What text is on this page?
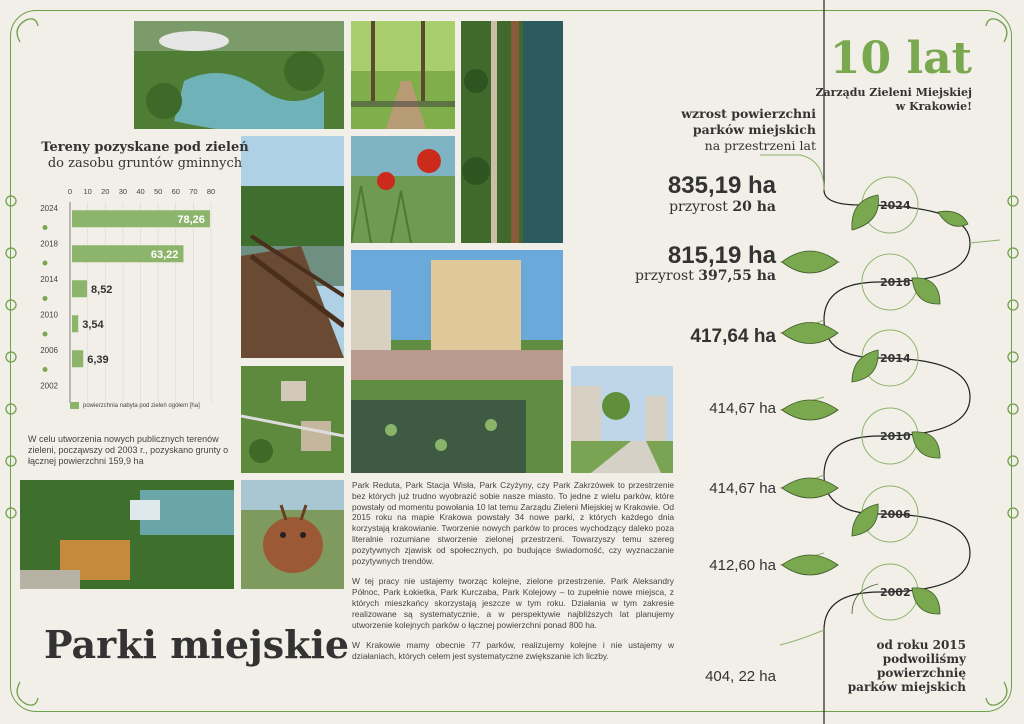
Tereny pozyskane pod zieleń
do zasobu gruntów gminnych
0 10 20 30 40 50 60 70 80
2024
2018
2014
2010
2006
2002
78,26
63,22
8,52
3,54
6,39
powierzchnia nabyta pod zieleń ogółem [ha]
W celu utworzenia nowych publicznych terenów zieleni, począwszy od 2003 r., pozyskano grunty o łącznej powierzchni 159,9 ha
Parki miejskie

Park Reduta, Park Stacja Wisła, Park Czyżyny, czy Park Zakrzówek to przestrzenie bez których już trudno wyobrazić sobie nasze miasto. To jedne z wielu parków, które powstały od momentu powołania 10 lat temu Zarządu Zieleni Miejskiej w Krakowie. Od 2015 roku na mapie Krakowa powstały 34 nowe parki, z których każdego dnia korzystają krakowianie. Tworzenie nowych parków to proces wychodzący daleko poza literalnie rozumiane stworzenie zielonej przestrzeni. Towarzyszy temu szereg pozytywnych zjawisk od społecznych, po budujące świadomość, czy wyznaczanie pozytywnych trendów.

W tej pracy nie ustajemy tworząc kolejne, zielone przestrzenie. Park Aleksandry Północ, Park Łokietka, Park Kurczaba, Park Kolejowy – to zupełnie nowe miejsca, z których mieszkańcy skorzystają jeszcze w tym roku. Działania w tym zakresie realizowane są systematycznie, a w perspektywie najbliższych lat planujemy utworzenie kolejnych parków o łącznej powierzchni ponad 800 ha.

W Krakowie mamy obecnie 77 parków, realizujemy kolejne i nie ustajemy w działaniach, których celem jest systematyczne zwiększanie ich liczby.

2024
2018
2014
2010
2006
2002
10 lat
Zarządu Zieleni Miejskiej
w Krakowie!
wzrost powierzchni
parków miejskich
na przestrzeni lat
835,19 ha
przyrost 20 ha
815,19 ha
przyrost 397,55 ha
417,64 ha
414,67 ha
414,67 ha
412,60 ha
404, 22 ha
od roku 2015
podwoiliśmy
powierzchnię
parków miejskich
